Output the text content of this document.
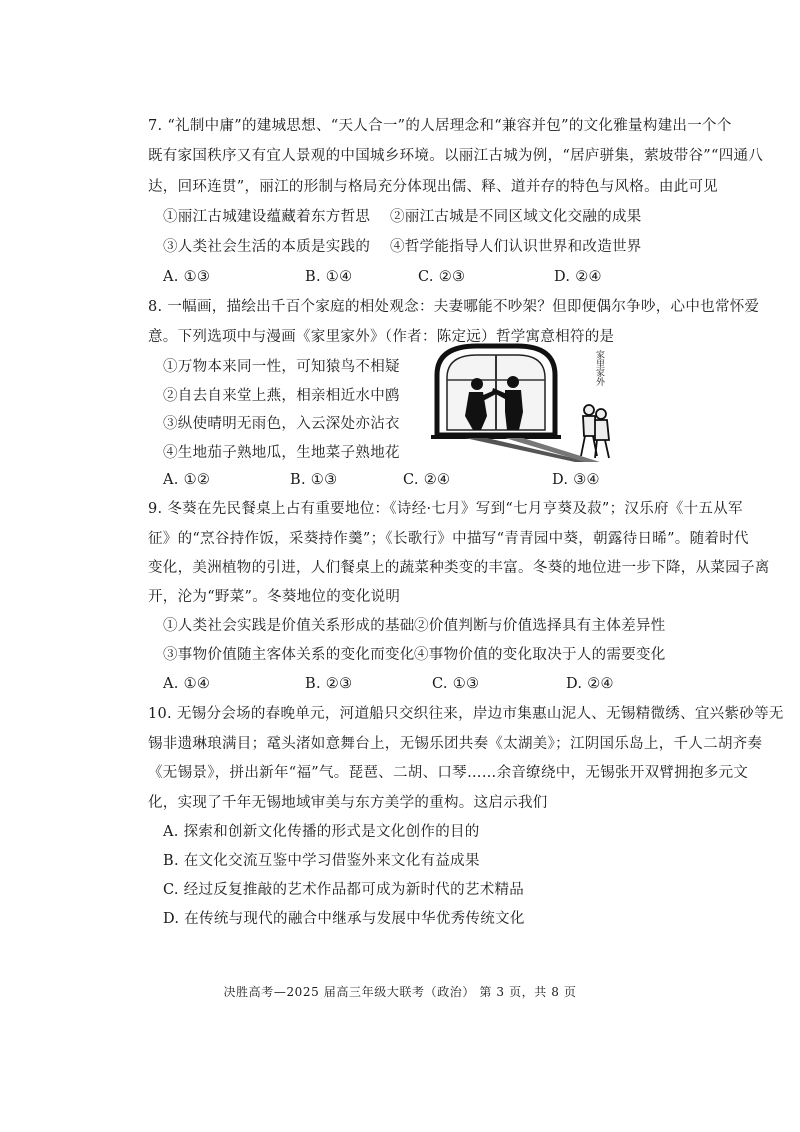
7. “礼制中庸”的建城思想、“天人合一”的人居理念和“兼容并包”的文化雅量构建出一个个
既有家国秩序又有宜人景观的中国城乡环境。以丽江古城为例，“居庐骈集，萦坡带谷”“四通八
达，回环连贯”，丽江的形制与格局充分体现出儒、释、道并存的特色与风格。由此可见
①丽江古城建设蕴藏着东方哲思 ②丽江古城是不同区域文化交融的成果
③人类社会生活的本质是实践的 ④哲学能指导人们认识世界和改造世界
A. ①③	B. ①④	C. ②③	D. ②④
8. 一幅画，描绘出千百个家庭的相处观念：夫妻哪能不吵架？但即便偶尔争吵，心中也常怀爱
意。下列选项中与漫画《家里家外》（作者：陈定远）哲学寓意相符的是
①万物本来同一性，可知猿鸟不相疑
②自去自来堂上燕，相亲相近水中鸥
③纵使晴明无雨色，入云深处亦沾衣
④生地茄子熟地瓜，生地菜子熟地花
家里家外
A. ①②	B. ①③	C. ②④	D. ③④
9. 冬葵在先民餐桌上占有重要地位：《诗经·七月》写到“七月亨葵及菽”；汉乐府《十五从军
征》的“烹谷持作饭，采葵持作羹”；《长歌行》中描写“青青园中葵，朝露待日晞”。随着时代
变化，美洲植物的引进，人们餐桌上的蔬菜种类变的丰富。冬葵的地位进一步下降，从菜园子离
开，沦为“野菜”。冬葵地位的变化说明
①人类社会实践是价值关系形成的基础 ②价值判断与价值选择具有主体差异性
③事物价值随主客体关系的变化而变化 ④事物价值的变化取决于人的需要变化
A. ①④	B. ②③	C. ①③	D. ②④
10. 无锡分会场的春晚单元，河道船只交织往来，岸边市集惠山泥人、无锡精微绣、宜兴紫砂等无
锡非遗琳琅满目；鼋头渚如意舞台上，无锡乐团共奏《太湖美》；江阴国乐岛上，千人二胡齐奏
《无锡景》，拼出新年“福”气。琵琶、二胡、口琴……余音缭绕中，无锡张开双臂拥抱多元文
化，实现了千年无锡地域审美与东方美学的重构。这启示我们
A. 探索和创新文化传播的形式是文化创作的目的
B. 在文化交流互鉴中学习借鉴外来文化有益成果
C. 经过反复推敲的艺术作品都可成为新时代的艺术精品
D. 在传统与现代的融合中继承与发展中华优秀传统文化
决胜高考—2025 届高三年级大联考（政治） 第 3 页，共 8 页
